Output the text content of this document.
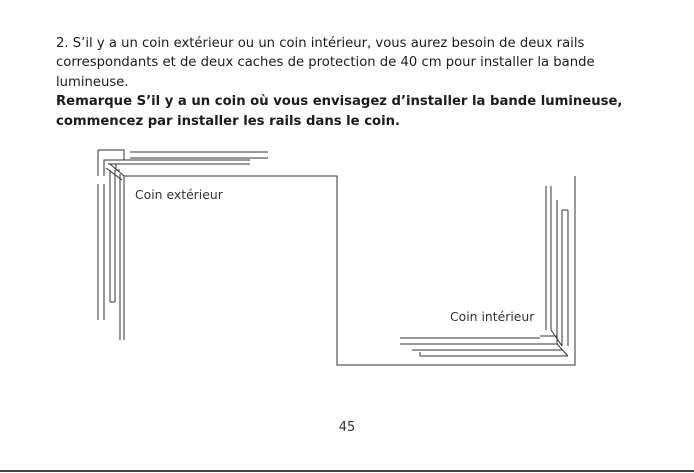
2. S’il y a un coin extérieur ou un coin intérieur, vous aurez besoin de deux rails
correspondants et de deux caches de protection de 40 cm pour installer la bande
lumineuse.

Remarque S’il y a un coin où vous envisagez d’installer la bande lumineuse,
commencez par installer les rails dans le coin.

Coin extérieur
Coin intérieur
45
